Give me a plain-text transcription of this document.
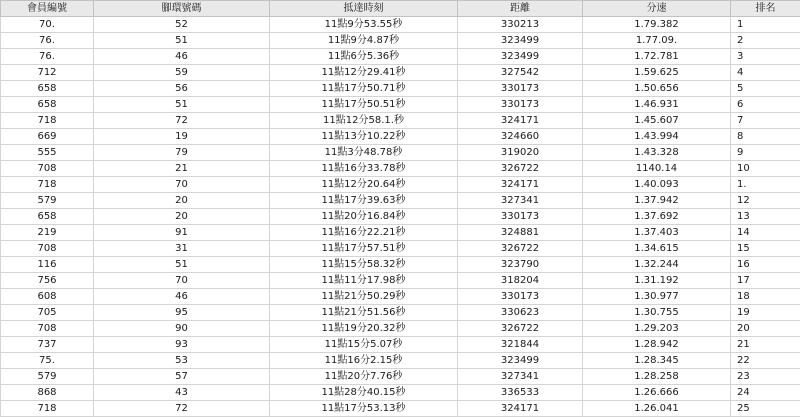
會員編號	腳環號碼	抵達時刻	距離	分速	排名
70.	52	11點9分53.55秒	330213	1.79.382	1
76.	51	11點9分4.87秒	323499	1.77.09.	2
76.	46	11點6分5.36秒	323499	1.72.781	3
712	59	11點12分29.41秒	327542	1.59.625	4
658	56	11點17分50.71秒	330173	1.50.656	5
658	51	11點17分50.51秒	330173	1.46.931	6
718	72	11點12分58.1.秒	324171	1.45.607	7
669	19	11點13分10.22秒	324660	1.43.994	8
555	79	11點3分48.78秒	319020	1.43.328	9
708	21	11點16分33.78秒	326722	1140.14	10
718	70	11點12分20.64秒	324171	1.40.093	1.
579	20	11點17分39.63秒	327341	1.37.942	12
658	20	11點20分16.84秒	330173	1.37.692	13
219	91	11點16分22.21秒	324881	1.37.403	14
708	31	11點17分57.51秒	326722	1.34.615	15
116	51	11點15分58.32秒	323790	1.32.244	16
756	70	11點11分17.98秒	318204	1.31.192	17
608	46	11點21分50.29秒	330173	1.30.977	18
705	95	11點21分51.56秒	330623	1.30.755	19
708	90	11點19分20.32秒	326722	1.29.203	20
737	93	11點15分5.07秒	321844	1.28.942	21
75.	53	11點16分2.15秒	323499	1.28.345	22
579	57	11點20分7.76秒	327341	1.28.258	23
868	43	11點28分40.15秒	336533	1.26.666	24
718	72	11點17分53.13秒	324171	1.26.041	25
